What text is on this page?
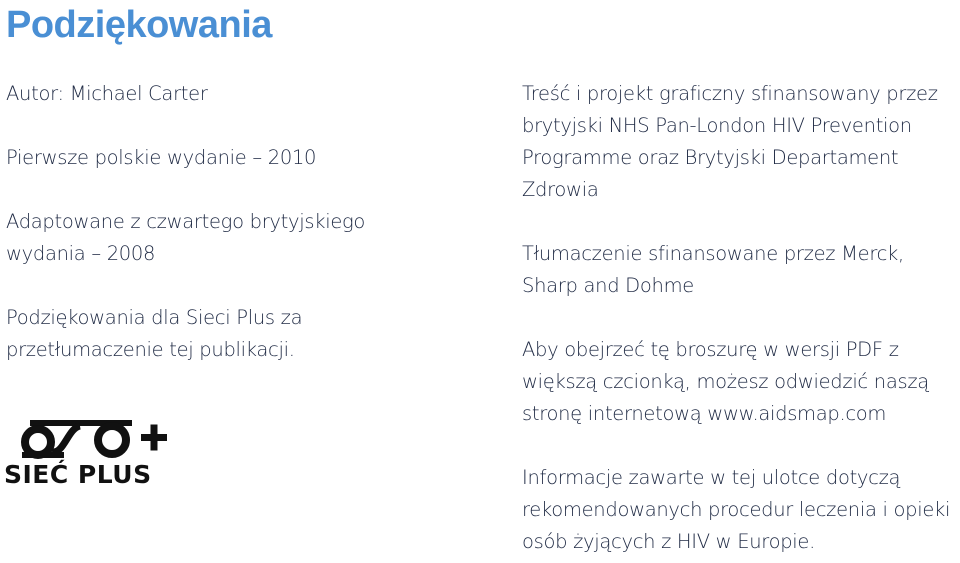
Podziękowania

Autor: Michael Carter

Pierwsze polskie wydanie – 2010

Adaptowane z czwartego brytyjskiego wydania – 2008

Podziękowania dla Sieci Plus za przetłumaczenie tej publikacji.

SIEĆ PLUS

Treść i projekt graficzny sfinansowany przez brytyjski NHS Pan-London HIV Prevention Programme oraz Brytyjski Departament Zdrowia

Tłumaczenie sfinansowane przez Merck, Sharp and Dohme

Aby obejrzeć tę broszurę w wersji PDF z większą czcionką, możesz odwiedzić naszą stronę internetową www.aidsmap.com

Informacje zawarte w tej ulotce dotyczą rekomendowanych procedur leczenia i opieki osób żyjących z HIV w Europie.
